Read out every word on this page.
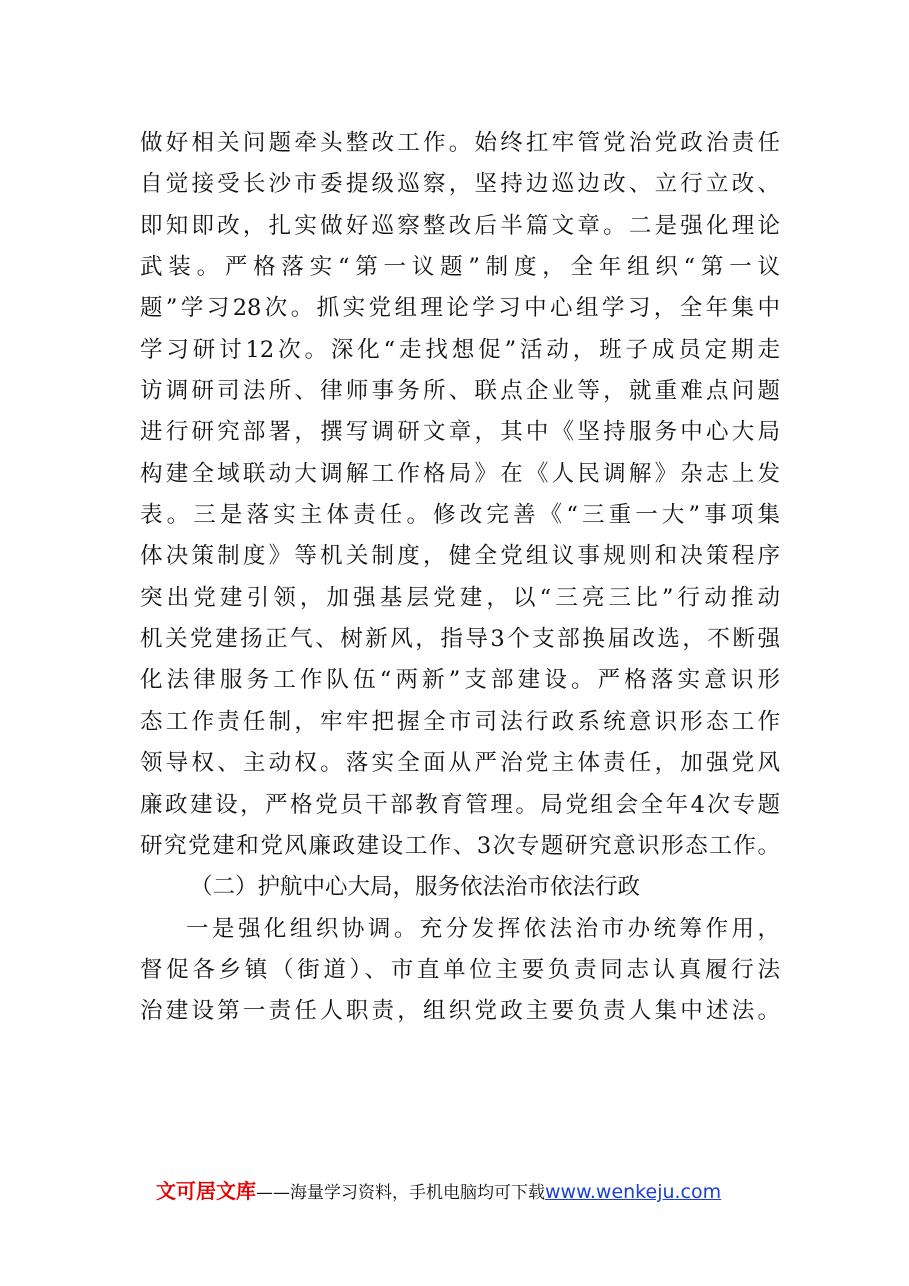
做好相关问题牵头整改工作。始终扛牢管党治党政治责任
自觉接受长沙市委提级巡察，坚持边巡边改、立行立改、
即知即改，扎实做好巡察整改后半篇文章。二是强化理论
武装。严格落实“第一议题”制度，全年组织“第一议
题”学习28次。抓实党组理论学习中心组学习，全年集中
学习研讨12次。深化“走找想促”活动，班子成员定期走
访调研司法所、律师事务所、联点企业等，就重难点问题
进行研究部署，撰写调研文章，其中《坚持服务中心大局
构建全域联动大调解工作格局》在《人民调解》杂志上发
表。三是落实主体责任。修改完善《“三重一大”事项集
体决策制度》等机关制度，健全党组议事规则和决策程序
突出党建引领，加强基层党建，以“三亮三比”行动推动
机关党建扬正气、树新风，指导3个支部换届改选，不断强
化法律服务工作队伍“两新”支部建设。严格落实意识形
态工作责任制，牢牢把握全市司法行政系统意识形态工作
领导权、主动权。落实全面从严治党主体责任，加强党风
廉政建设，严格党员干部教育管理。局党组会全年4次专题
研究党建和党风廉政建设工作、3次专题研究意识形态工作。
（二）护航中心大局，服务依法治市依法行政
一是强化组织协调。充分发挥依法治市办统筹作用，
督促各乡镇（街道）、市直单位主要负责同志认真履行法
治建设第一责任人职责，组织党政主要负责人集中述法。
文可居文库——海量学习资料，手机电脑均可下载www.wenkeju.com
